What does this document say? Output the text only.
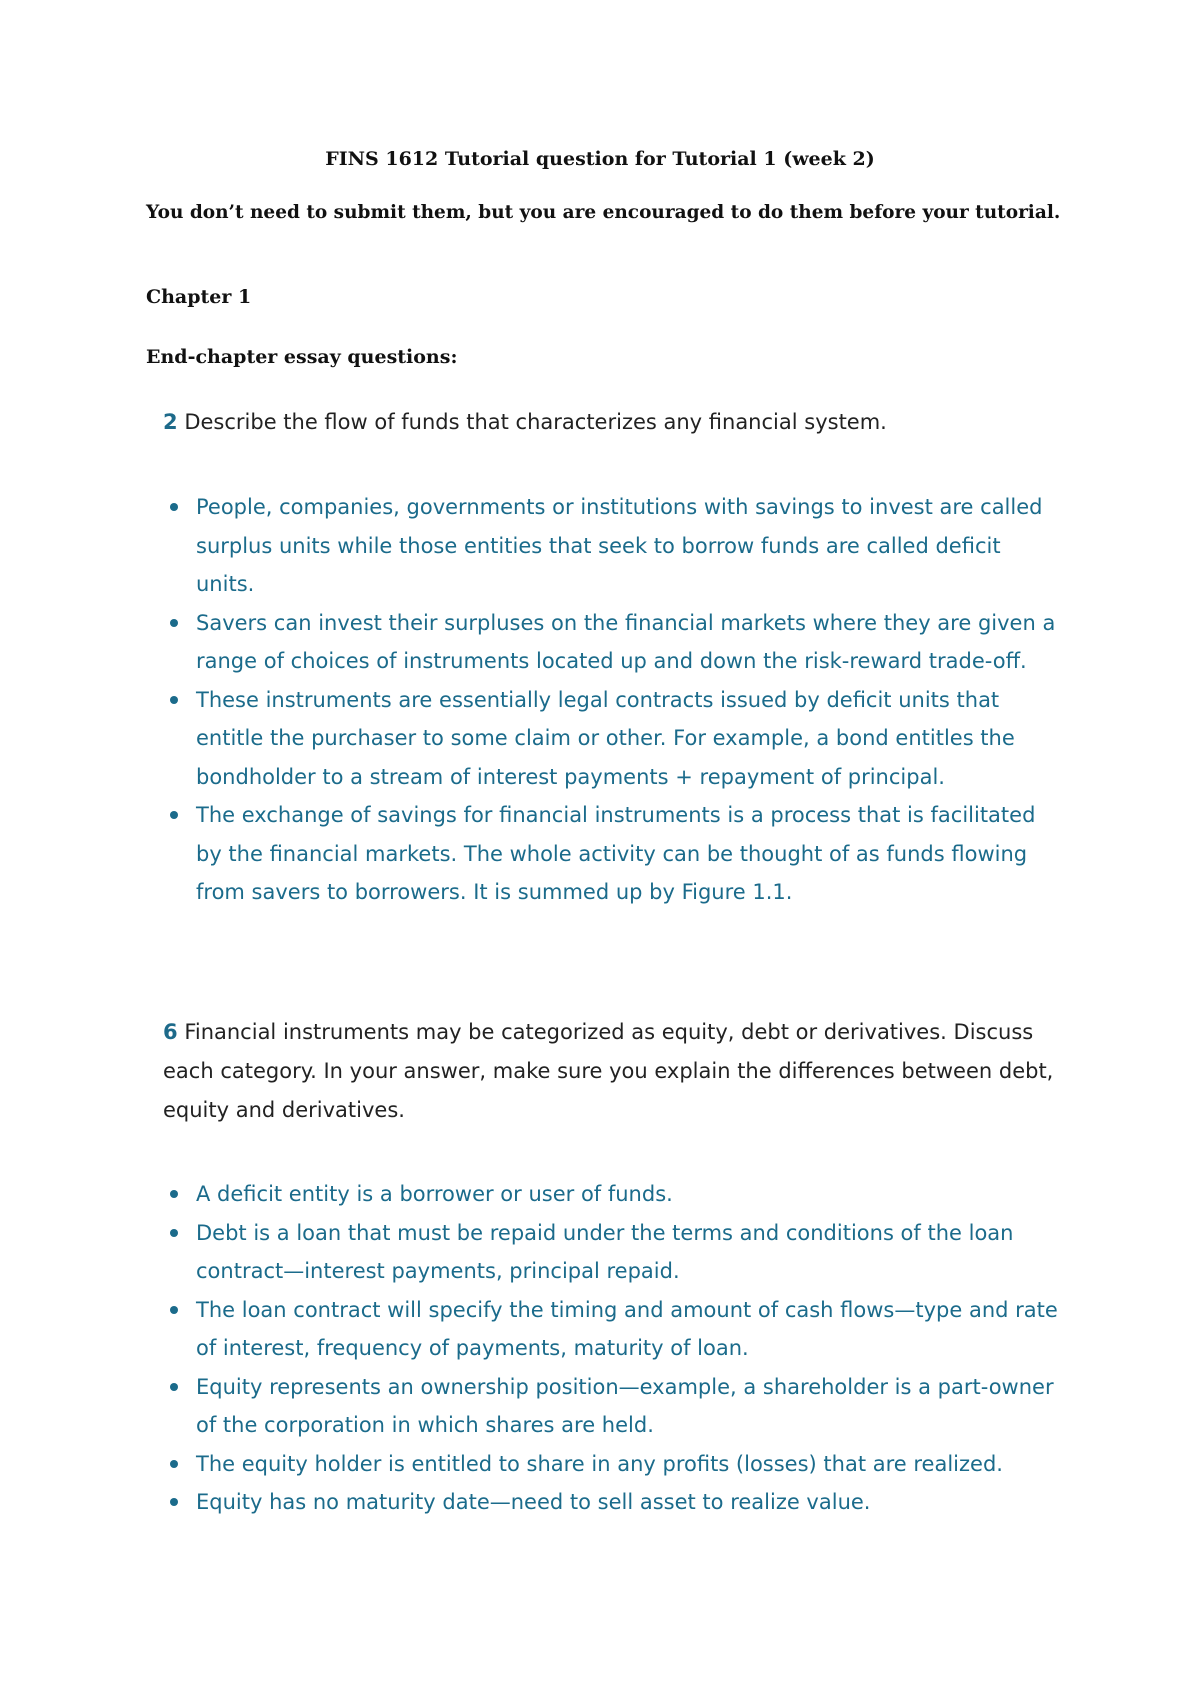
FINS 1612 Tutorial question for Tutorial 1 (week 2)

You don’t need to submit them, but you are encouraged to do them before your tutorial.

Chapter 1
End-chapter essay questions:

2 Describe the flow of funds that characterizes any financial system.

People, companies, governments or institutions with savings to invest are called surplus units while those entities that seek to borrow funds are called deficit units.
Savers can invest their surpluses on the financial markets where they are given a range of choices of instruments located up and down the risk-reward trade-off.
These instruments are essentially legal contracts issued by deficit units that entitle the purchaser to some claim or other. For example, a bond entitles the bondholder to a stream of interest payments + repayment of principal.
The exchange of savings for financial instruments is a process that is facilitated by the financial markets. The whole activity can be thought of as funds flowing from savers to borrowers. It is summed up by Figure 1.1.

6 Financial instruments may be categorized as equity, debt or derivatives. Discuss each category. In your answer, make sure you explain the differences between debt, equity and derivatives.

A deficit entity is a borrower or user of funds.
Debt is a loan that must be repaid under the terms and conditions of the loan contract—interest payments, principal repaid.
The loan contract will specify the timing and amount of cash flows—type and rate of interest, frequency of payments, maturity of loan.
Equity represents an ownership position—example, a shareholder is a part-owner of the corporation in which shares are held.
The equity holder is entitled to share in any profits (losses) that are realized.
Equity has no maturity date—need to sell asset to realize value.
